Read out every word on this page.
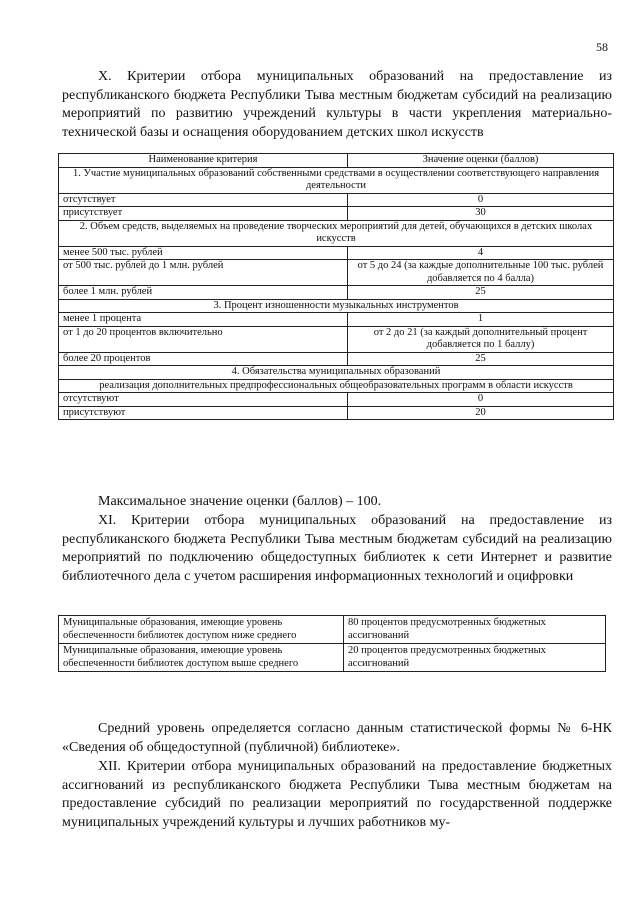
58
X. Критерии отбора муниципальных образований на предоставление из республиканского бюджета Республики Тыва местным бюджетам субсидий на реализацию мероприятий по развитию учреждений культуры в части укрепления материально-технической базы и оснащения оборудованием детских школ искусств
Наименование критерия	Значение оценки (баллов)
1. Участие муниципальных образований собственными средствами в осуществлении соответствующего направления деятельности	
отсутствует	0
присутствует	30
2. Объем средств, выделяемых на проведение творческих мероприятий для детей, обучающихся в детских школах искусств	
менее 500 тыс. рублей	4
от 500 тыс. рублей до 1 млн. рублей	от 5 до 24 (за каждые дополнительные 100 тыс. рублей добавляется по 4 балла)
более 1 млн. рублей	25
3. Процент изношенности музыкальных инструментов	
менее 1 процента	1
от 1 до 20 процентов включительно	от 2 до 21 (за каждый дополнительный процент добавляется по 1 баллу)
более 20 процентов	25
4. Обязательства муниципальных образований	
реализация дополнительных предпрофессиональных общеобразовательных программ в области искусств	
отсутствуют	0
присутствуют	20
Максимальное значение оценки (баллов) – 100.
XI. Критерии отбора муниципальных образований на предоставление из республиканского бюджета Республики Тыва местным бюджетам субсидий на реализацию мероприятий по подключению общедоступных библиотек к сети Интернет и развитие библиотечного дела с учетом расширения информационных технологий и оцифровки
Муниципальные образования, имеющие уровень обеспеченности библиотек доступом ниже среднего	80 процентов предусмотренных бюджетных ассигнований
Муниципальные образования, имеющие уровень обеспеченности библиотек доступом выше среднего	20 процентов предусмотренных бюджетных ассигнований
Средний уровень определяется согласно данным статистической формы № 6-НК «Сведения об общедоступной (публичной) библиотеке».
XII. Критерии отбора муниципальных образований на предоставление бюджетных ассигнований из республиканского бюджета Республики Тыва местным бюджетам на предоставление субсидий по реализации мероприятий по государственной поддержке муниципальных учреждений культуры и лучших работников му-
